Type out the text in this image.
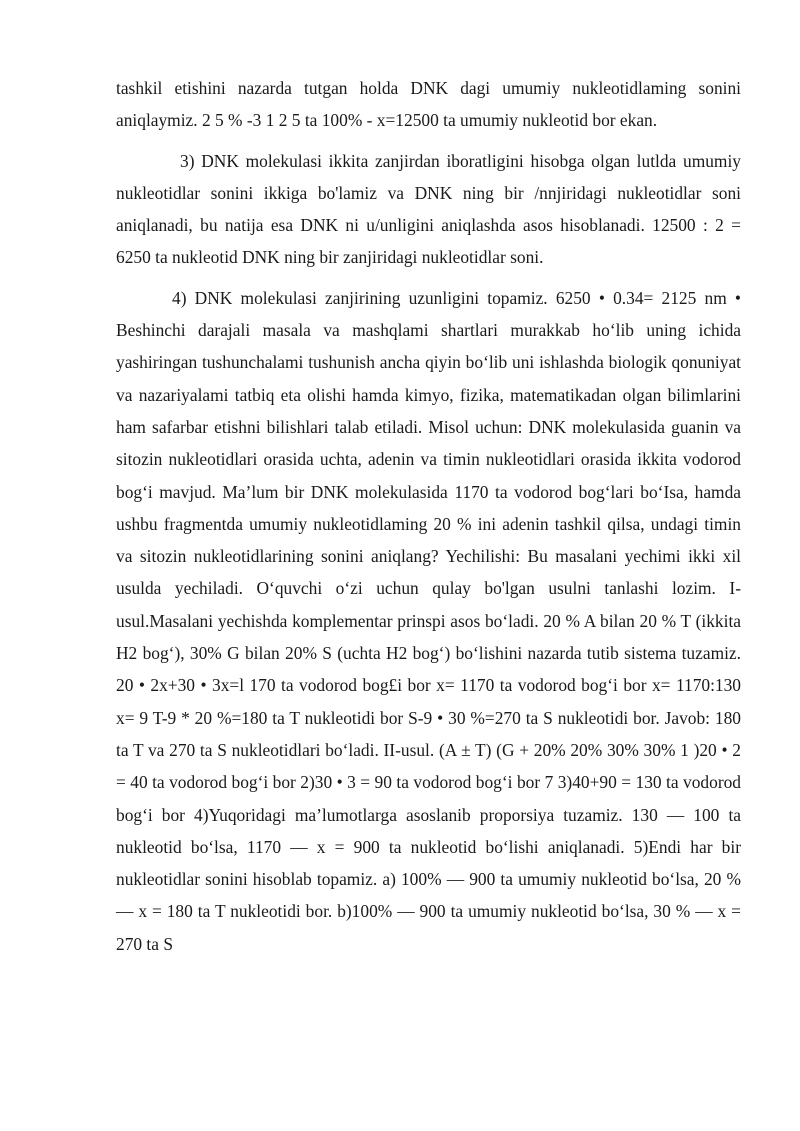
tashkil etishini nazarda tutgan holda DNK dagi umumiy nukleotidlaming sonini aniqlaymiz. 2 5 % -3 1 2 5 ta 100% - x=12500 ta umumiy nukleotid bor ekan.

3) DNK molekulasi ikkita zanjirdan iboratligini hisobga olgan lutlda umumiy nukleotidlar sonini ikkiga bo'lamiz va DNK ning bir /nnjiridagi nukleotidlar soni aniqlanadi, bu natija esa DNK ni u/unligini aniqlashda asos hisoblanadi. 12500 : 2 = 6250 ta nukleotid DNK ning bir zanjiridagi nukleotidlar soni.

4) DNK molekulasi zanjirining uzunligini topamiz. 6250 • 0.34= 2125 nm • Beshinchi darajali masala va mashqlami shartlari murakkab ho‘lib uning ichida yashiringan tushunchalami tushunish ancha qiyin bo‘lib uni ishlashda biologik qonuniyat va nazariyalami tatbiq eta olishi hamda kimyo, fizika, matematikadan olgan bilimlarini ham safarbar etishni bilishlari talab etiladi. Misol uchun: DNK molekulasida guanin va sitozin nukleotidlari orasida uchta, adenin va timin nukleotidlari orasida ikkita vodorod bog‘i mavjud. Ma’lum bir DNK molekulasida 1170 ta vodorod bog‘lari bo‘Isa, hamda ushbu fragmentda umumiy nukleotidlaming 20 % ini adenin tashkil qilsa, undagi timin va sitozin nukleotidlarining sonini aniqlang? Yechilishi: Bu masalani yechimi ikki xil usulda yechiladi. O‘quvchi o‘zi uchun qulay bo'lgan usulni tanlashi lozim. I-usul.Masalani yechishda komplementar prinspi asos bo‘ladi. 20 % A bilan 20 % T (ikkita H2 bog‘), 30% G bilan 20% S (uchta H2 bog‘) bo‘lishini nazarda tutib sistema tuzamiz. 20 • 2x+30 • 3x=l 170 ta vodorod bog£i bor x= 1170 ta vodorod bog‘i bor x= 1170:130 x= 9 T-9 * 20 %=180 ta T nukleotidi bor S-9 • 30 %=270 ta S nukleotidi bor. Javob: 180 ta T va 270 ta S nukleotidlari bo‘ladi. II-usul. (A ± T) (G + 20% 20% 30% 30% 1 )20 • 2 = 40 ta vodorod bog‘i bor 2)30 • 3 = 90 ta vodorod bog‘i bor 7 3)40+90 = 130 ta vodorod bog‘i bor 4)Yuqoridagi ma’lumotlarga asoslanib proporsiya tuzamiz. 130 — 100 ta nukleotid bo‘lsa, 1170 — x = 900 ta nukleotid bo‘lishi aniqlanadi. 5)Endi har bir nukleotidlar sonini hisoblab topamiz. a) 100% — 900 ta umumiy nukleotid bo‘lsa, 20 % — x = 180 ta T nukleotidi bor. b)100% — 900 ta umumiy nukleotid bo‘lsa, 30 % — x = 270 ta S
